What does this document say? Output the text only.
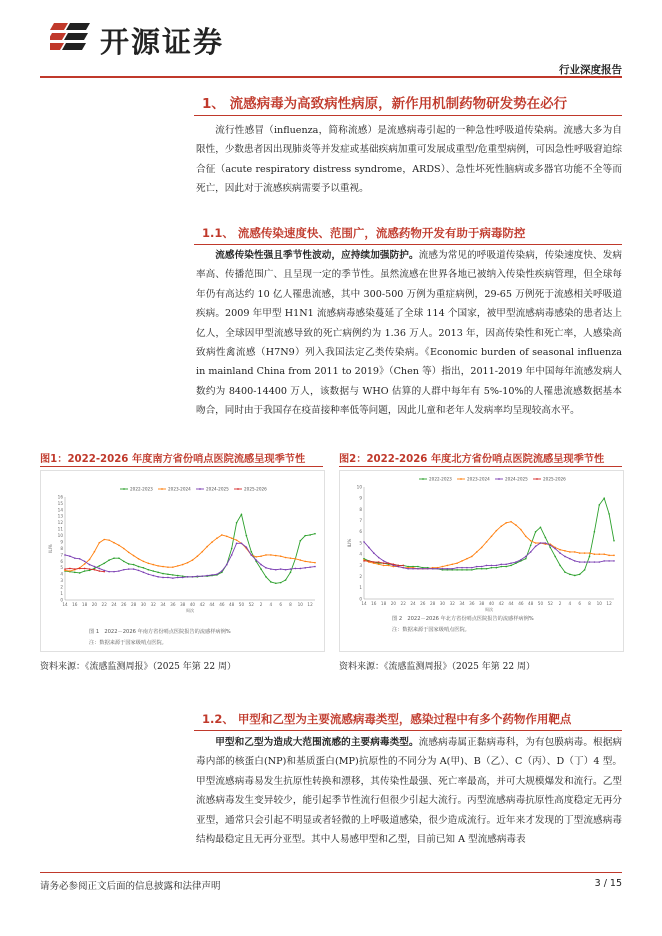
开源证券
行业深度报告
1、 流感病毒为高致病性病原，新作用机制药物研发势在必行
流行性感冒（influenza，简称流感）是流感病毒引起的一种急性呼吸道传染病。流感大多为自限性，少数患者因出现肺炎等并发症或基础疾病加重可发展成重型/危重型病例，可因急性呼吸窘迫综合征（acute respiratory distress syndrome，ARDS）、急性坏死性脑病或多器官功能不全等而死亡，因此对于流感疾病需要予以重视。
1.1、 流感传染速度快、范围广，流感药物开发有助于病毒防控
流感传染性强且季节性波动，应持续加强防护。流感为常见的呼吸道传染病，传染速度快、发病率高、传播范围广、且呈现一定的季节性。虽然流感在世界各地已被纳入传染性疾病管理，但全球每年仍有高达约 10 亿人罹患流感，其中 300-500 万例为重症病例，29-65 万例死于流感相关呼吸道疾病。2009 年甲型 H1N1 流感病毒感染蔓延了全球 114 个国家，被甲型流感病毒感染的患者达上亿人，全球因甲型流感导致的死亡病例约为 1.36 万人。2013 年，因高传染性和死亡率，人感染高致病性禽流感（H7N9）列入我国法定乙类传染病。《Economic burden of seasonal influenza in mainland China from 2011 to 2019》（Chen 等）指出，2011-2019 年中国每年流感发病人数约为 8400-14400 万人，该数据与 WHO 估算的人群中每年有 5%-10%的人罹患流感数据基本吻合，同时由于我国存在疫苗接种率低等问题，因此儿童和老年人发病率均呈现较高水平。
图1：2022-2026 年度南方省份哨点医院流感呈现季节性
0
1
2
3
4
5
6
7
8
9
10
11
12
13
14
15
16
14 16 18 20 22 24 26 28 30 32 34 36 38 40 42 44 46 48 50 52 2 4 6 8 10 12
周次
ILI%
2022-2023	2023-2024	2024-2025	2025-2026
图 1　2022－2026 年南方省份哨点医院报告的流感样病例%
注：数据来源于国家级哨点医院。
资料来源：《流感监测周报》（2025 年第 22 周）
图2：2022-2026 年度北方省份哨点医院流感呈现季节性
0
1
2
3
4
5
6
7
8
9
10
14 16 18 20 22 24 26 28 30 32 34 36 38 40 42 44 46 48 50 52 2 4 6 8 10 12
周次
ILI%
2022-2023	2023-2024	2024-2025	2025-2026
图 2　2022－2026 年北方省份哨点医院报告的流感样病例%
注：数据来源于国家级哨点医院。
资料来源：《流感监测周报》（2025 年第 22 周）
1.2、 甲型和乙型为主要流感病毒类型，感染过程中有多个药物作用靶点
甲型和乙型为造成大范围流感的主要病毒类型。流感病毒属正黏病毒科，为有包膜病毒。根据病毒内部的核蛋白(NP)和基质蛋白(MP)抗原性的不同分为 A(甲)、B（乙）、C（丙）、D（丁）4 型。甲型流感病毒易发生抗原性转换和漂移，其传染性最强、死亡率最高，并可大规模爆发和流行。乙型流感病毒发生变异较少，能引起季节性流行但很少引起大流行。丙型流感病毒抗原性高度稳定无再分亚型，通常只会引起不明显或者轻微的上呼吸道感染，很少造成流行。近年来才发现的丁型流感病毒结构最稳定且无再分亚型。其中人易感甲型和乙型，目前已知 A 型流感病毒表
请务必参阅正文后面的信息披露和法律声明	3 / 15
